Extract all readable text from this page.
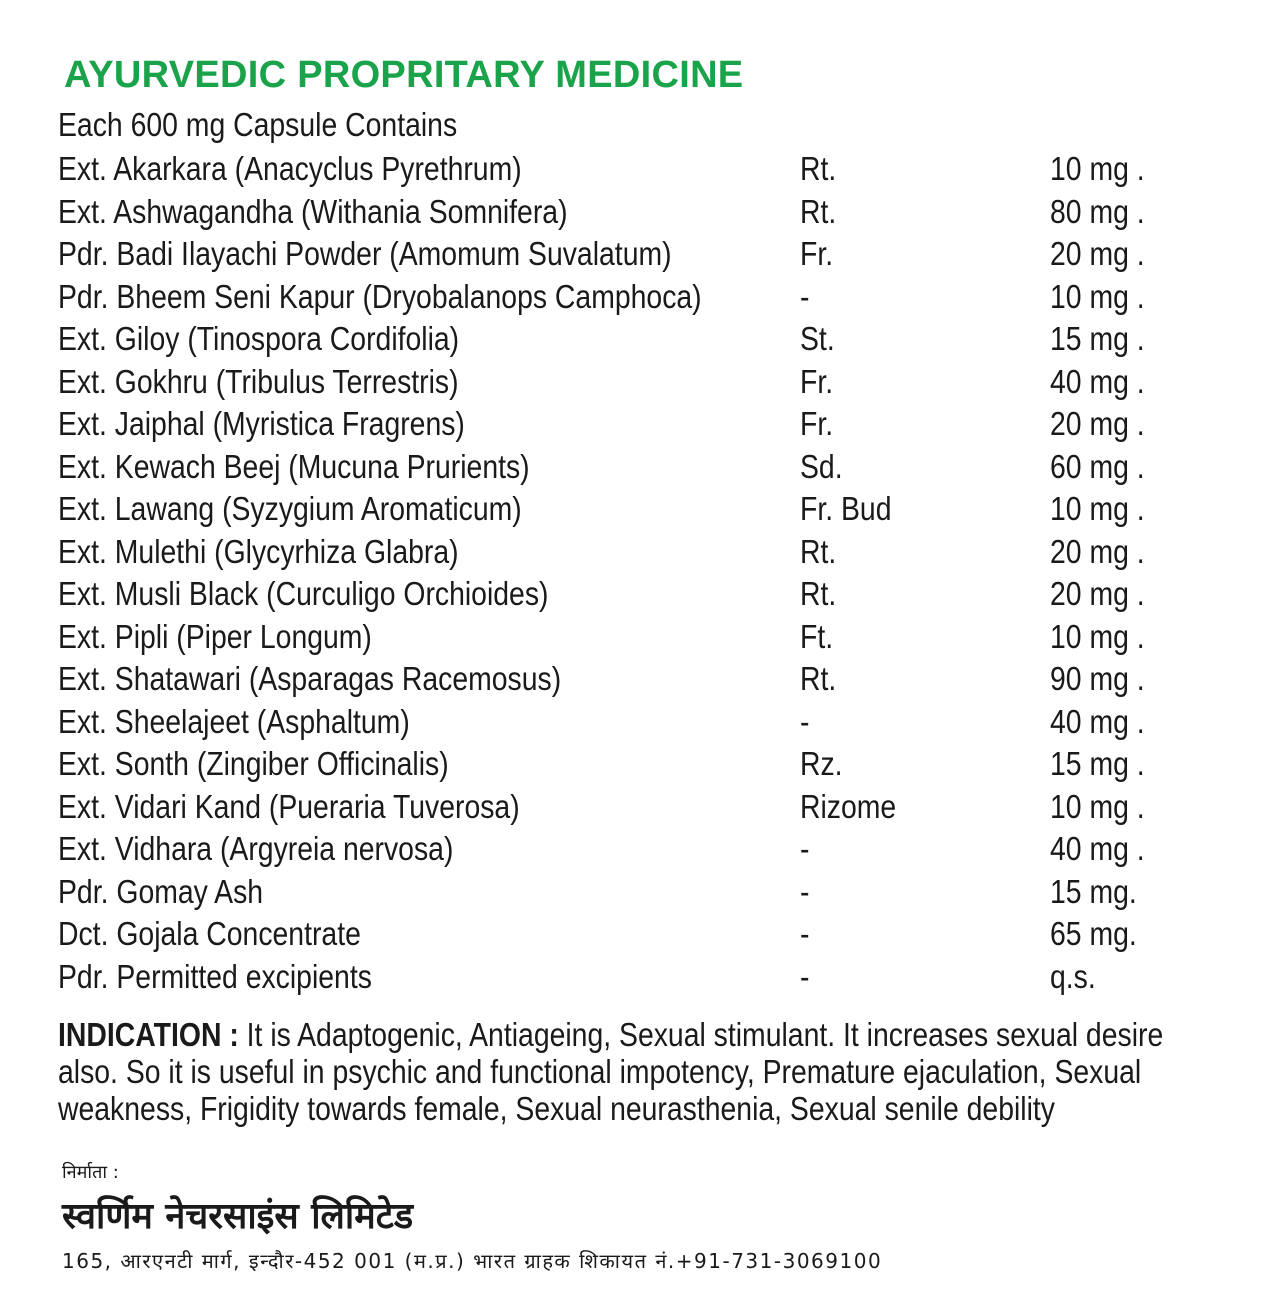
AYURVEDIC PROPRITARY MEDICINE
Each 600 mg Capsule Contains
Ext. Akarkara (Anacyclus Pyrethrum)	Rt.	10 mg .
Ext. Ashwagandha (Withania Somnifera)	Rt.	80 mg .
Pdr. Badi Ilayachi Powder (Amomum Suvalatum)	Fr.	20 mg .
Pdr. Bheem Seni Kapur (Dryobalanops Camphoca)	-	10 mg .
Ext. Giloy (Tinospora Cordifolia)	St.	15 mg .
Ext. Gokhru (Tribulus Terrestris)	Fr.	40 mg .
Ext. Jaiphal (Myristica Fragrens)	Fr.	20 mg .
Ext. Kewach Beej (Mucuna Prurients)	Sd.	60 mg .
Ext. Lawang (Syzygium Aromaticum)	Fr. Bud	10 mg .
Ext. Mulethi (Glycyrhiza Glabra)	Rt.	20 mg .
Ext. Musli Black (Curculigo Orchioides)	Rt.	20 mg .
Ext. Pipli (Piper Longum)	Ft.	10 mg .
Ext. Shatawari (Asparagas Racemosus)	Rt.	90 mg .
Ext. Sheelajeet (Asphaltum)	-	40 mg .
Ext. Sonth (Zingiber Officinalis)	Rz.	15 mg .
Ext. Vidari Kand (Pueraria Tuverosa)	Rizome	10 mg .
Ext. Vidhara (Argyreia nervosa)	-	40 mg .
Pdr. Gomay Ash	-	15 mg.
Dct. Gojala Concentrate	-	65 mg.
Pdr. Permitted excipients	-	q.s.
INDICATION : It is Adaptogenic, Antiageing, Sexual stimulant. It increases sexual desire also. So it is useful in psychic and functional impotency, Premature ejaculation, Sexual weakness, Frigidity towards female, Sexual neurasthenia, Sexual senile debility
निर्माता :
स्वर्णिम नेचरसाइंस लिमिटेड
165, आरएनटी मार्ग, इन्दौर-452 001 (म.प्र.) भारत ग्राहक शिकायत नं.+91-731-3069100
